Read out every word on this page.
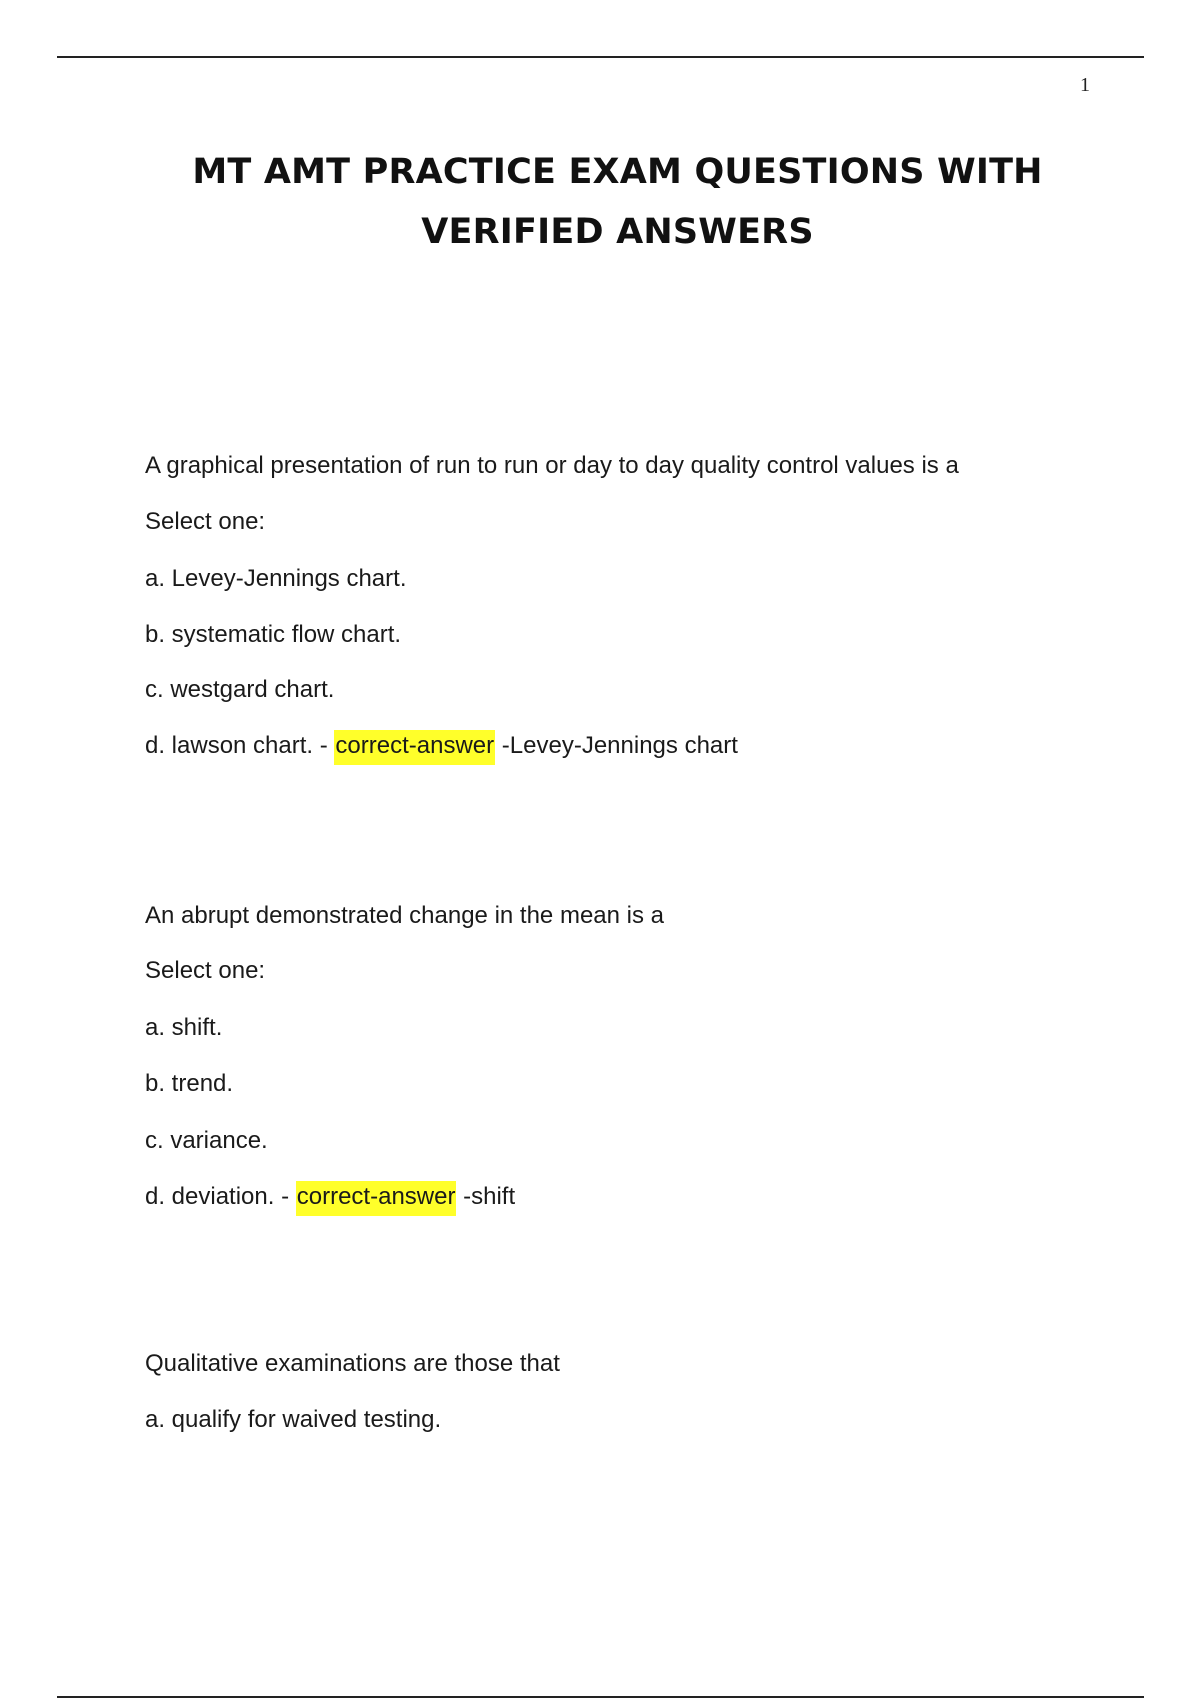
1
MT AMT PRACTICE EXAM QUESTIONS WITH
VERIFIED ANSWERS
A graphical presentation of run to run or day to day quality control values is a
Select one:
a. Levey-Jennings chart.
b. systematic flow chart.
c. westgard chart.
d. lawson chart. - correct-answer -Levey-Jennings chart
An abrupt demonstrated change in the mean is a
Select one:
a. shift.
b. trend.
c. variance.
d. deviation. - correct-answer -shift
Qualitative examinations are those that
a. qualify for waived testing.
